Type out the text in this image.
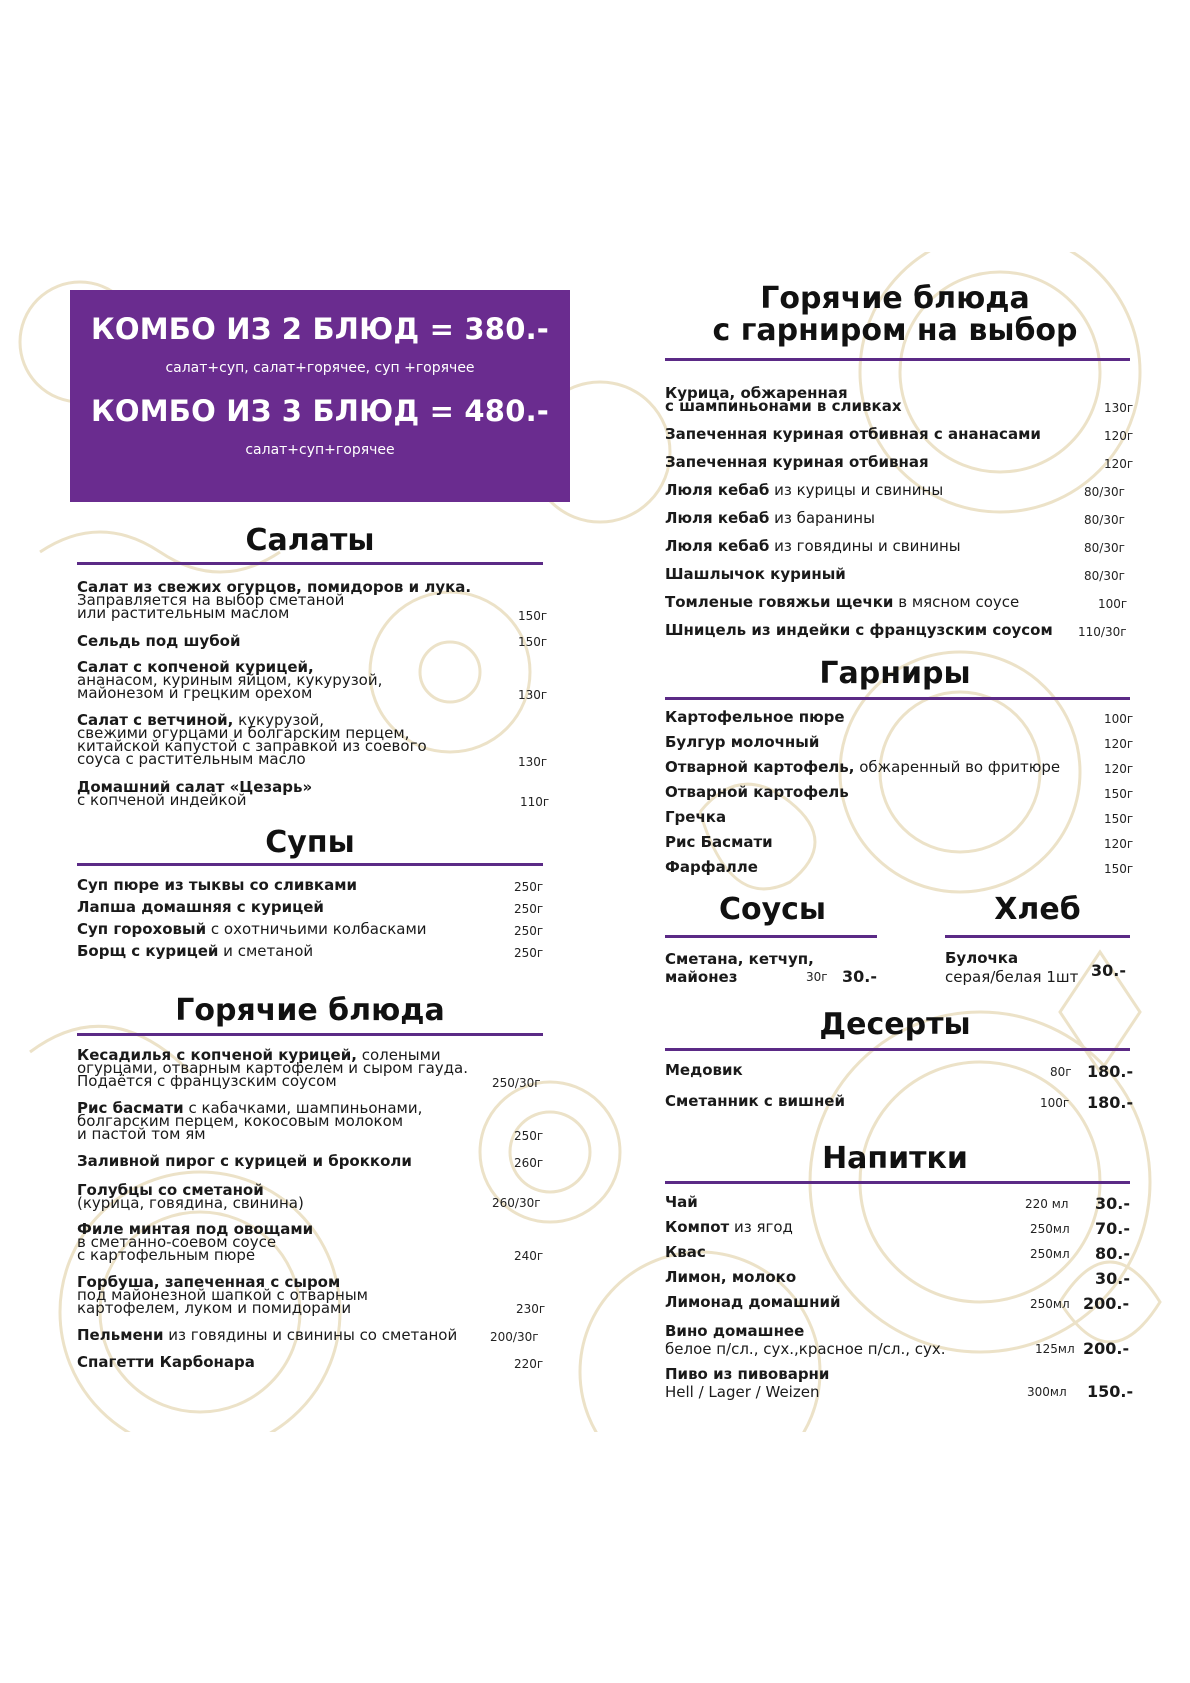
КОМБО ИЗ 2 БЛЮД = 380.-
салат+суп, салат+горячее, суп +горячее
КОМБО ИЗ 3 БЛЮД = 480.-
салат+суп+горячее
Салаты
Салат из свежих огурцов, помидоров и лука.
Заправляется на выбор сметаной
или растительным маслом	150г
Сельдь под шубой	150г
Салат с копченой курицей,
ананасом, куриным яйцом, кукурузой,
майонезом и грецким орехом	130г
Салат с ветчиной, кукурузой,
свежими огурцами и болгарским перцем,
китайской капустой с заправкой из соевого
соуса с растительным масло	130г
Домашний салат «Цезарь»
с копченой индейкой	110г
Супы
Суп пюре из тыквы со сливками	250г
Лапша домашняя с курицей	250г
Суп гороховый с охотничьими колбасками	250г
Борщ с курицей и сметаной	250г
Горячие блюда
Кесадилья с копченой курицей, солеными
огурцами, отварным картофелем и сыром гауда.
Подаётся с французским соусом	250/30г
Рис басмати с кабачками, шампиньонами,
болгарским перцем, кокосовым молоком
и пастой том ям	250г
Заливной пирог с курицей и брокколи	260г
Голубцы со сметаной
(курица, говядина, свинина)	260/30г
Филе минтая под овощами
в сметанно-соевом соусе
с картофельным пюре	240г
Горбуша, запеченная с сыром
под майонезной шапкой с отварным
картофелем, луком и помидорами	230г
Пельмени из говядины и свинины со сметаной	200/30г
Спагетти Карбонара	220г
Горячие блюда
с гарниром на выбор
Курица, обжаренная
с шампиньонами в сливках	130г
Запеченная куриная отбивная с ананасами	120г
Запеченная куриная отбивная	120г
Люля кебаб из курицы и свинины	80/30г
Люля кебаб из баранины	80/30г
Люля кебаб из говядины и свинины	80/30г
Шашлычок куриный	80/30г
Томленые говяжьи щечки в мясном соусе	100г
Шницель из индейки с французским соусом 110/30г
Гарниры
Картофельное пюре	100г
Булгур молочный	120г
Отварной картофель, обжаренный во фритюре	120г
Отварной картофель	150г
Гречка	150г
Рис Басмати	120г
Фарфалле	150г
Соусы
Сметана, кетчуп,
майонез	30г 30.-
Хлеб
Булочка
серая/белая 1шт 30.-
Десерты
Медовик	80г 180.-
Сметанник с вишней	100г 180.-
Напитки
Чай	220 мл 30.-
Компот из ягод	250мл 70.-
Квас	250мл 80.-
Лимон, молоко	30.-
Лимонад домашний	250мл 200.-
Вино домашнее
белое п/сл., сух.,красное п/сл., сух.	125мл 200.-
Пиво из пивоварни
Hell / Lager / Weizen	300мл 150.-
